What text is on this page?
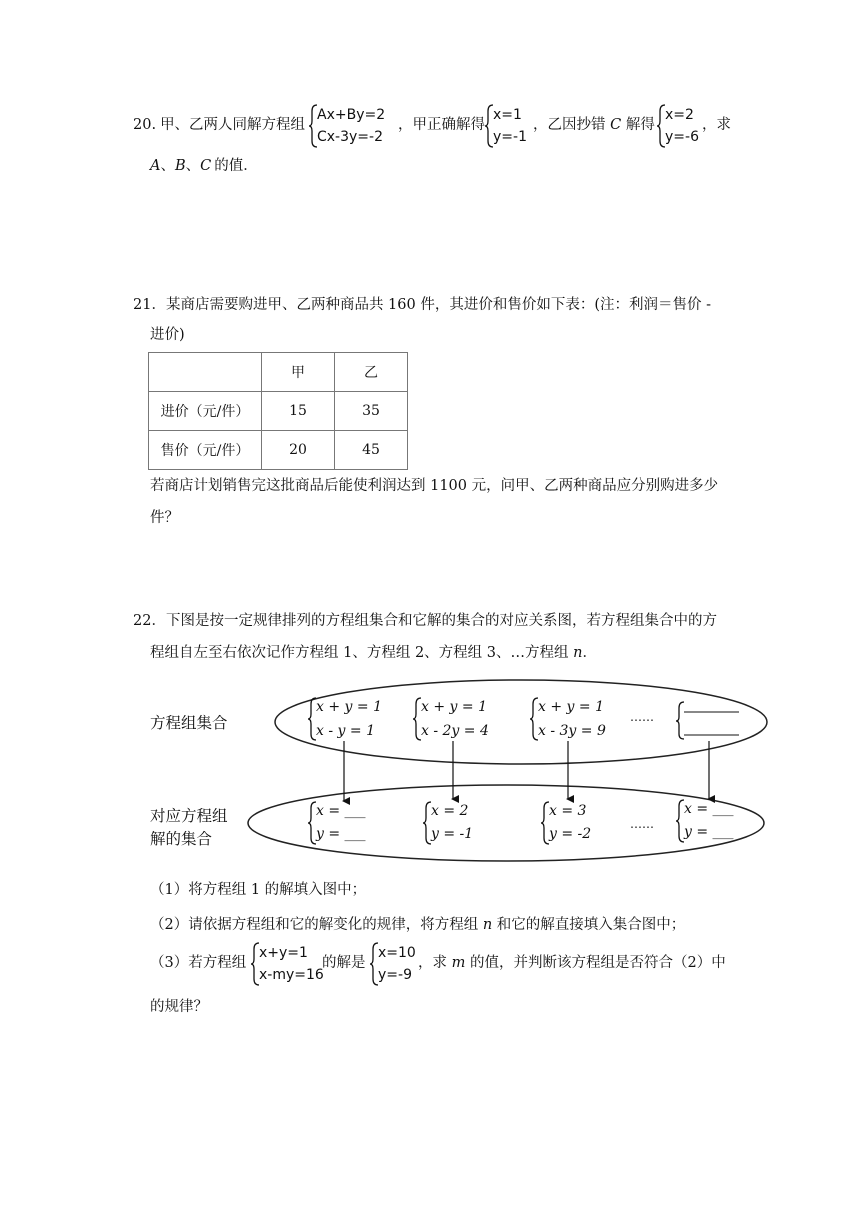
20. 甲、乙两人同解方程组
Ax+By=2
Cx-3y=-2
，甲正确解得
x=1
y=-1
，乙因抄错 C 解得
x=2
y=-6
，求
A、B、C 的值．
21．某商店需要购进甲、乙两种商品共 160 件，其进价和售价如下表：(注：利润＝售价 -
进价)
	甲	乙
进价（元/件）	15	35
售价（元/件）	20	45
若商店计划销售完这批商品后能使利润达到 1100 元，问甲、乙两种商品应分别购进多少
件？
22．下图是按一定规律排列的方程组集合和它解的集合的对应关系图，若方程组集合中的方
程组自左至右依次记作方程组 1、方程组 2、方程组 3、…方程组 n．
方程组集合
对应方程组
解的集合
x + y = 1
x - y = 1
x + y = 1
x - 2y = 4
x + y = 1
x - 3y = 9
……
x = ___
y = ___
x = 2
y = -1
x = 3
y = -2
……
x = ___
y = ___
（1）将方程组 1 的解填入图中；
（2）请依据方程组和它的解变化的规律，将方程组 n 和它的解直接填入集合图中；
（3）若方程组
x+y=1
x-my=16
的解是
x=10
y=-9
，求 m 的值，并判断该方程组是否符合（2）中
的规律？
